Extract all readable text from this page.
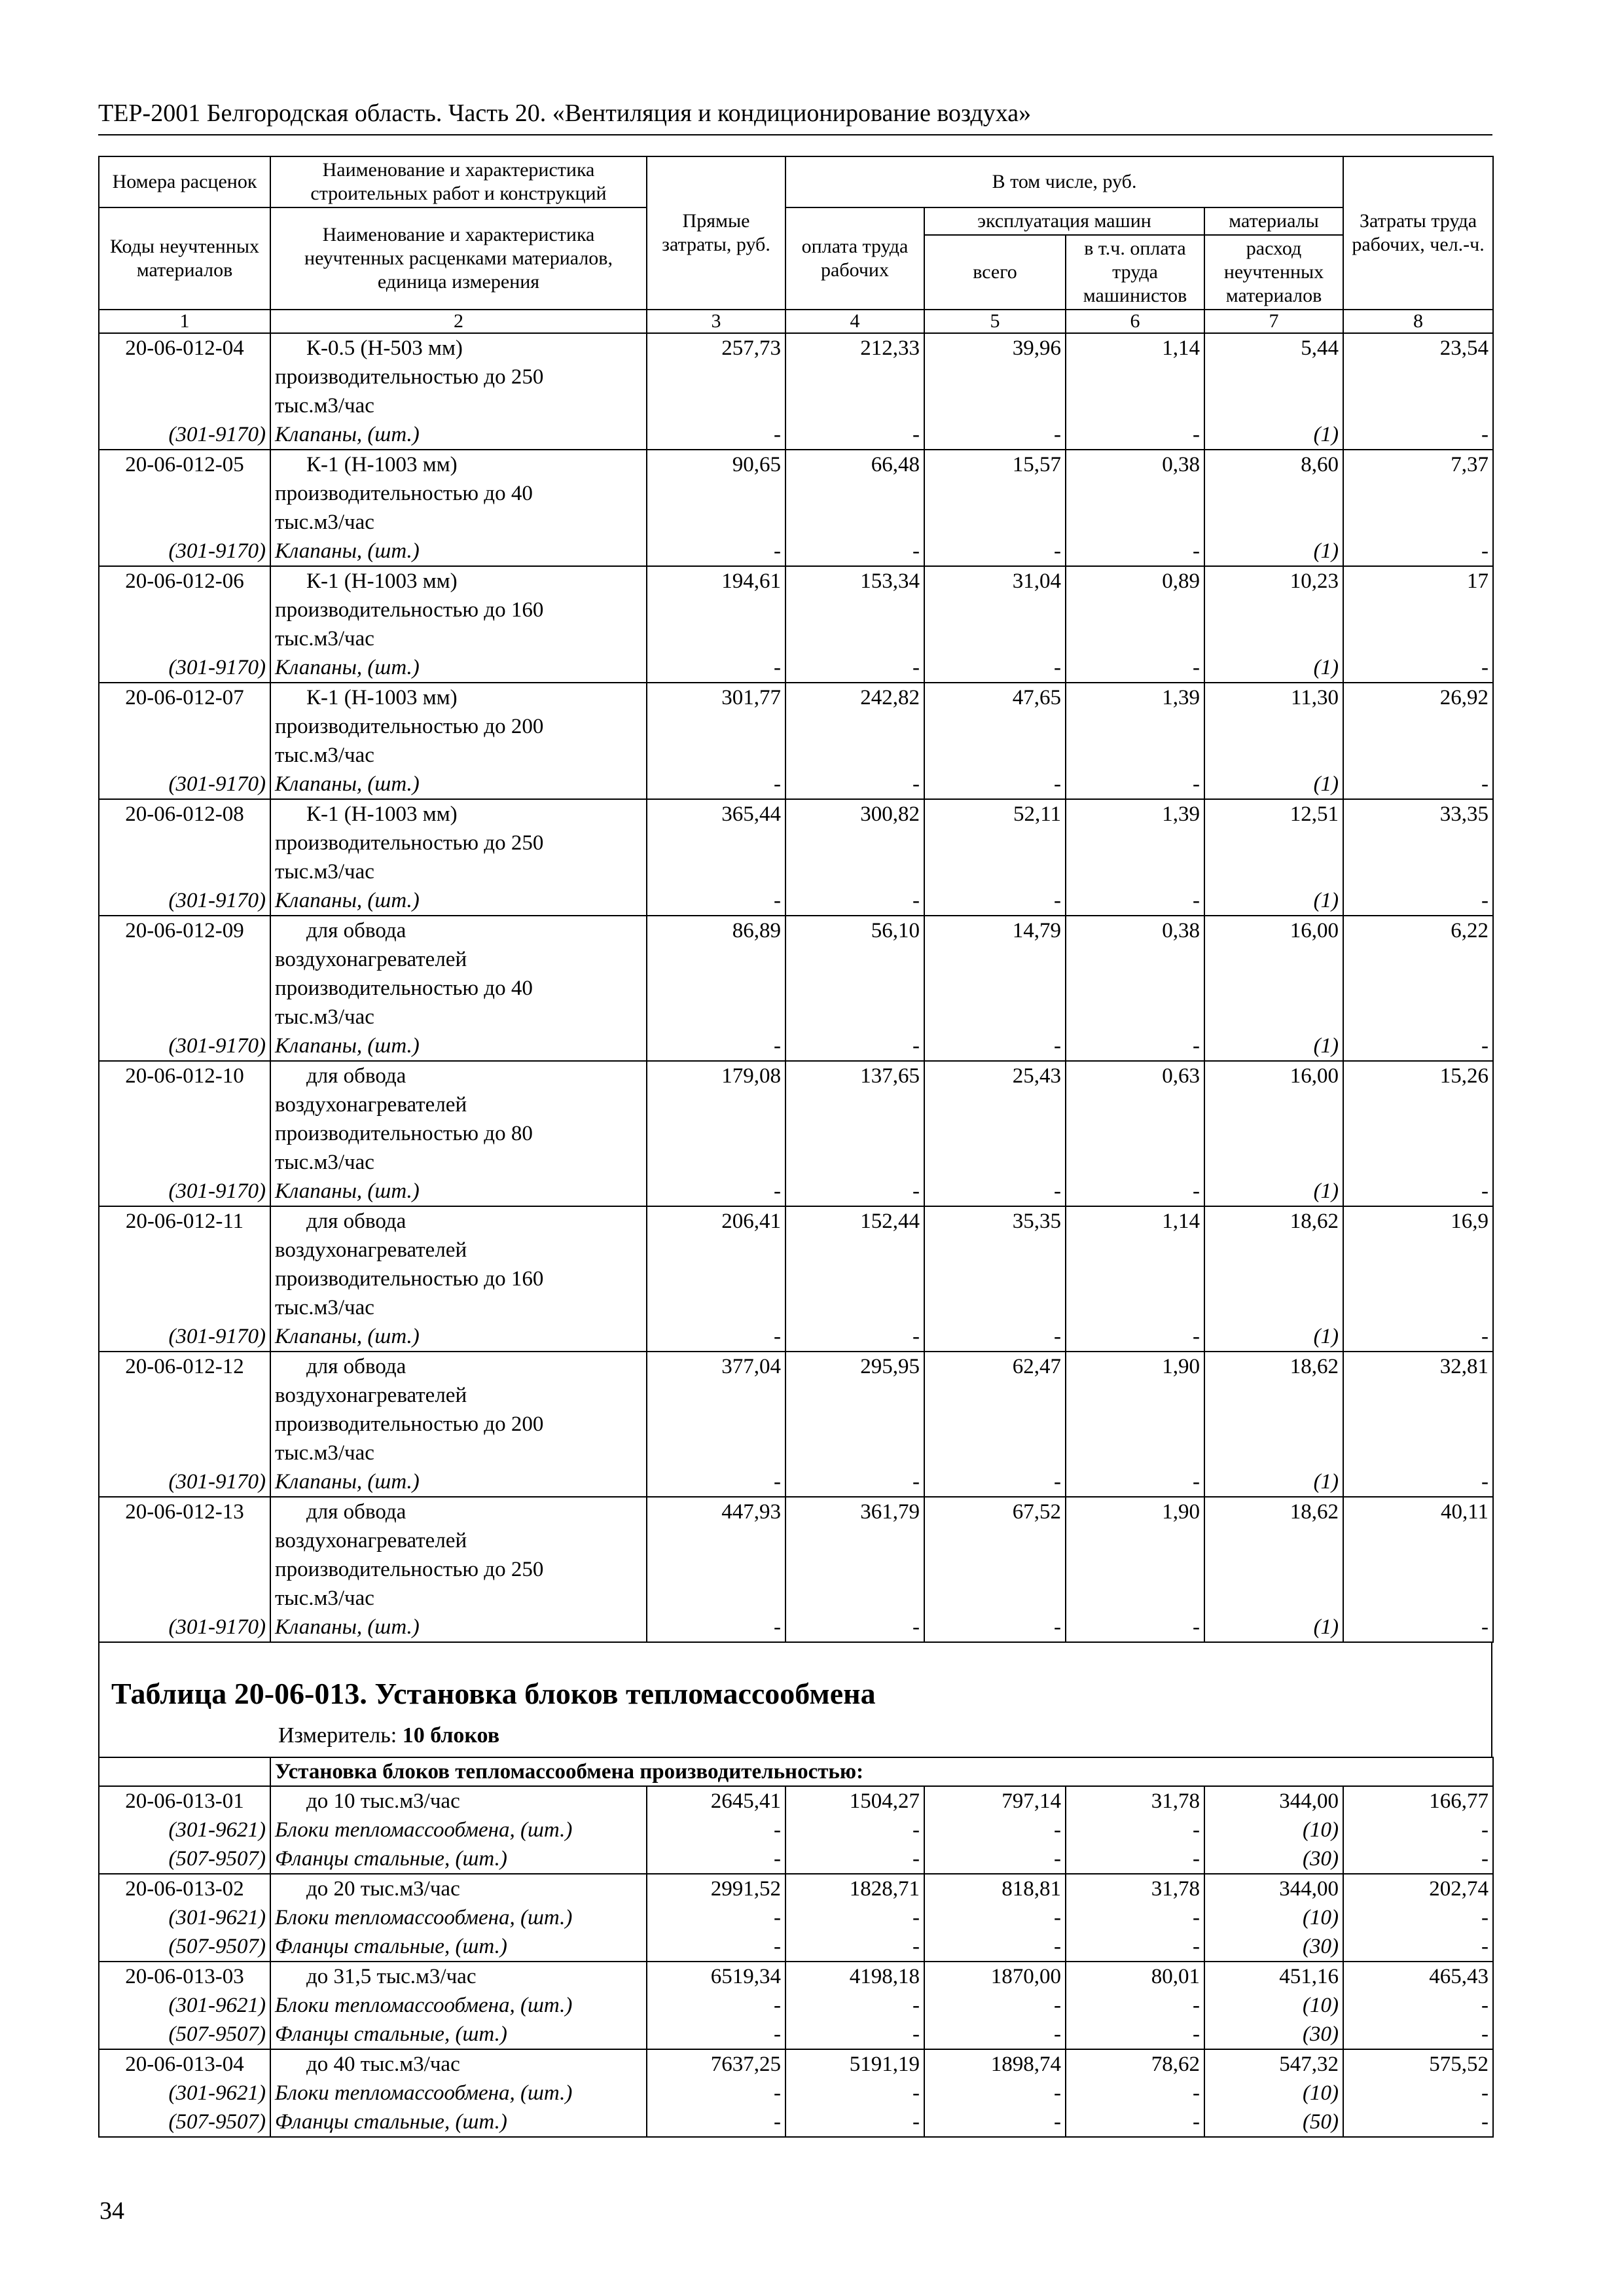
ТЕР-2001 Белгородская область. Часть 20. «Вентиляция и кондиционирование воздуха»
Номера расценок	Наименование и характеристика строительных работ и конструкций	Прямые затраты, руб.	В том числе, руб.				Затраты труда рабочих, чел.-ч.
Коды неучтенных материалов	Наименование и характеристика неучтенных расценками материалов, единица измерения		оплата труда рабочих	эксплуатация машин		материалы	
				всего	в т.ч. оплата труда машинистов	расход неучтенных материалов	
1	2	3	4	5	6	7	8
20-06-012-04	К-0.5 (Н-503 мм)	257,73	212,33	39,96	1,14	5,44	23,54
	производительностью до 250						
	тыс.м3/час						
(301-9170)	Клапаны, (шт.)	-	-	-	-	(1)	-
20-06-012-05	К-1 (Н-1003 мм)	90,65	66,48	15,57	0,38	8,60	7,37
	производительностью до 40						
	тыс.м3/час						
(301-9170)	Клапаны, (шт.)	-	-	-	-	(1)	-
20-06-012-06	К-1 (Н-1003 мм)	194,61	153,34	31,04	0,89	10,23	17
	производительностью до 160						
	тыс.м3/час						
(301-9170)	Клапаны, (шт.)	-	-	-	-	(1)	-
20-06-012-07	К-1 (Н-1003 мм)	301,77	242,82	47,65	1,39	11,30	26,92
	производительностью до 200						
	тыс.м3/час						
(301-9170)	Клапаны, (шт.)	-	-	-	-	(1)	-
20-06-012-08	К-1 (Н-1003 мм)	365,44	300,82	52,11	1,39	12,51	33,35
	производительностью до 250						
	тыс.м3/час						
(301-9170)	Клапаны, (шт.)	-	-	-	-	(1)	-
20-06-012-09	для обвода	86,89	56,10	14,79	0,38	16,00	6,22
	воздухонагревателей						
	производительностью до 40						
	тыс.м3/час						
(301-9170)	Клапаны, (шт.)	-	-	-	-	(1)	-
20-06-012-10	для обвода	179,08	137,65	25,43	0,63	16,00	15,26
	воздухонагревателей						
	производительностью до 80						
	тыс.м3/час						
(301-9170)	Клапаны, (шт.)	-	-	-	-	(1)	-
20-06-012-11	для обвода	206,41	152,44	35,35	1,14	18,62	16,9
	воздухонагревателей						
	производительностью до 160						
	тыс.м3/час						
(301-9170)	Клапаны, (шт.)	-	-	-	-	(1)	-
20-06-012-12	для обвода	377,04	295,95	62,47	1,90	18,62	32,81
	воздухонагревателей						
	производительностью до 200						
	тыс.м3/час						
(301-9170)	Клапаны, (шт.)	-	-	-	-	(1)	-
20-06-012-13	для обвода	447,93	361,79	67,52	1,90	18,62	40,11
	воздухонагревателей						
	производительностью до 250						
	тыс.м3/час						
(301-9170)	Клапаны, (шт.)	-	-	-	-	(1)	-
Таблица 20-06-013. Установка блоков тепломассообмена
Измеритель: 10 блоков
	Установка блоков тепломассообмена производительностью:						
20-06-013-01	до 10 тыс.м3/час	2645,41	1504,27	797,14	31,78	344,00	166,77
(301-9621)	Блоки тепломассообмена, (шт.)	-	-	-	-	(10)	-
(507-9507)	Фланцы стальные, (шт.)	-	-	-	-	(30)	-
20-06-013-02	до 20 тыс.м3/час	2991,52	1828,71	818,81	31,78	344,00	202,74
(301-9621)	Блоки тепломассообмена, (шт.)	-	-	-	-	(10)	-
(507-9507)	Фланцы стальные, (шт.)	-	-	-	-	(30)	-
20-06-013-03	до 31,5 тыс.м3/час	6519,34	4198,18	1870,00	80,01	451,16	465,43
(301-9621)	Блоки тепломассообмена, (шт.)	-	-	-	-	(10)	-
(507-9507)	Фланцы стальные, (шт.)	-	-	-	-	(30)	-
20-06-013-04	до 40 тыс.м3/час	7637,25	5191,19	1898,74	78,62	547,32	575,52
(301-9621)	Блоки тепломассообмена, (шт.)	-	-	-	-	(10)	-
(507-9507)	Фланцы стальные, (шт.)	-	-	-	-	(50)	-
34
